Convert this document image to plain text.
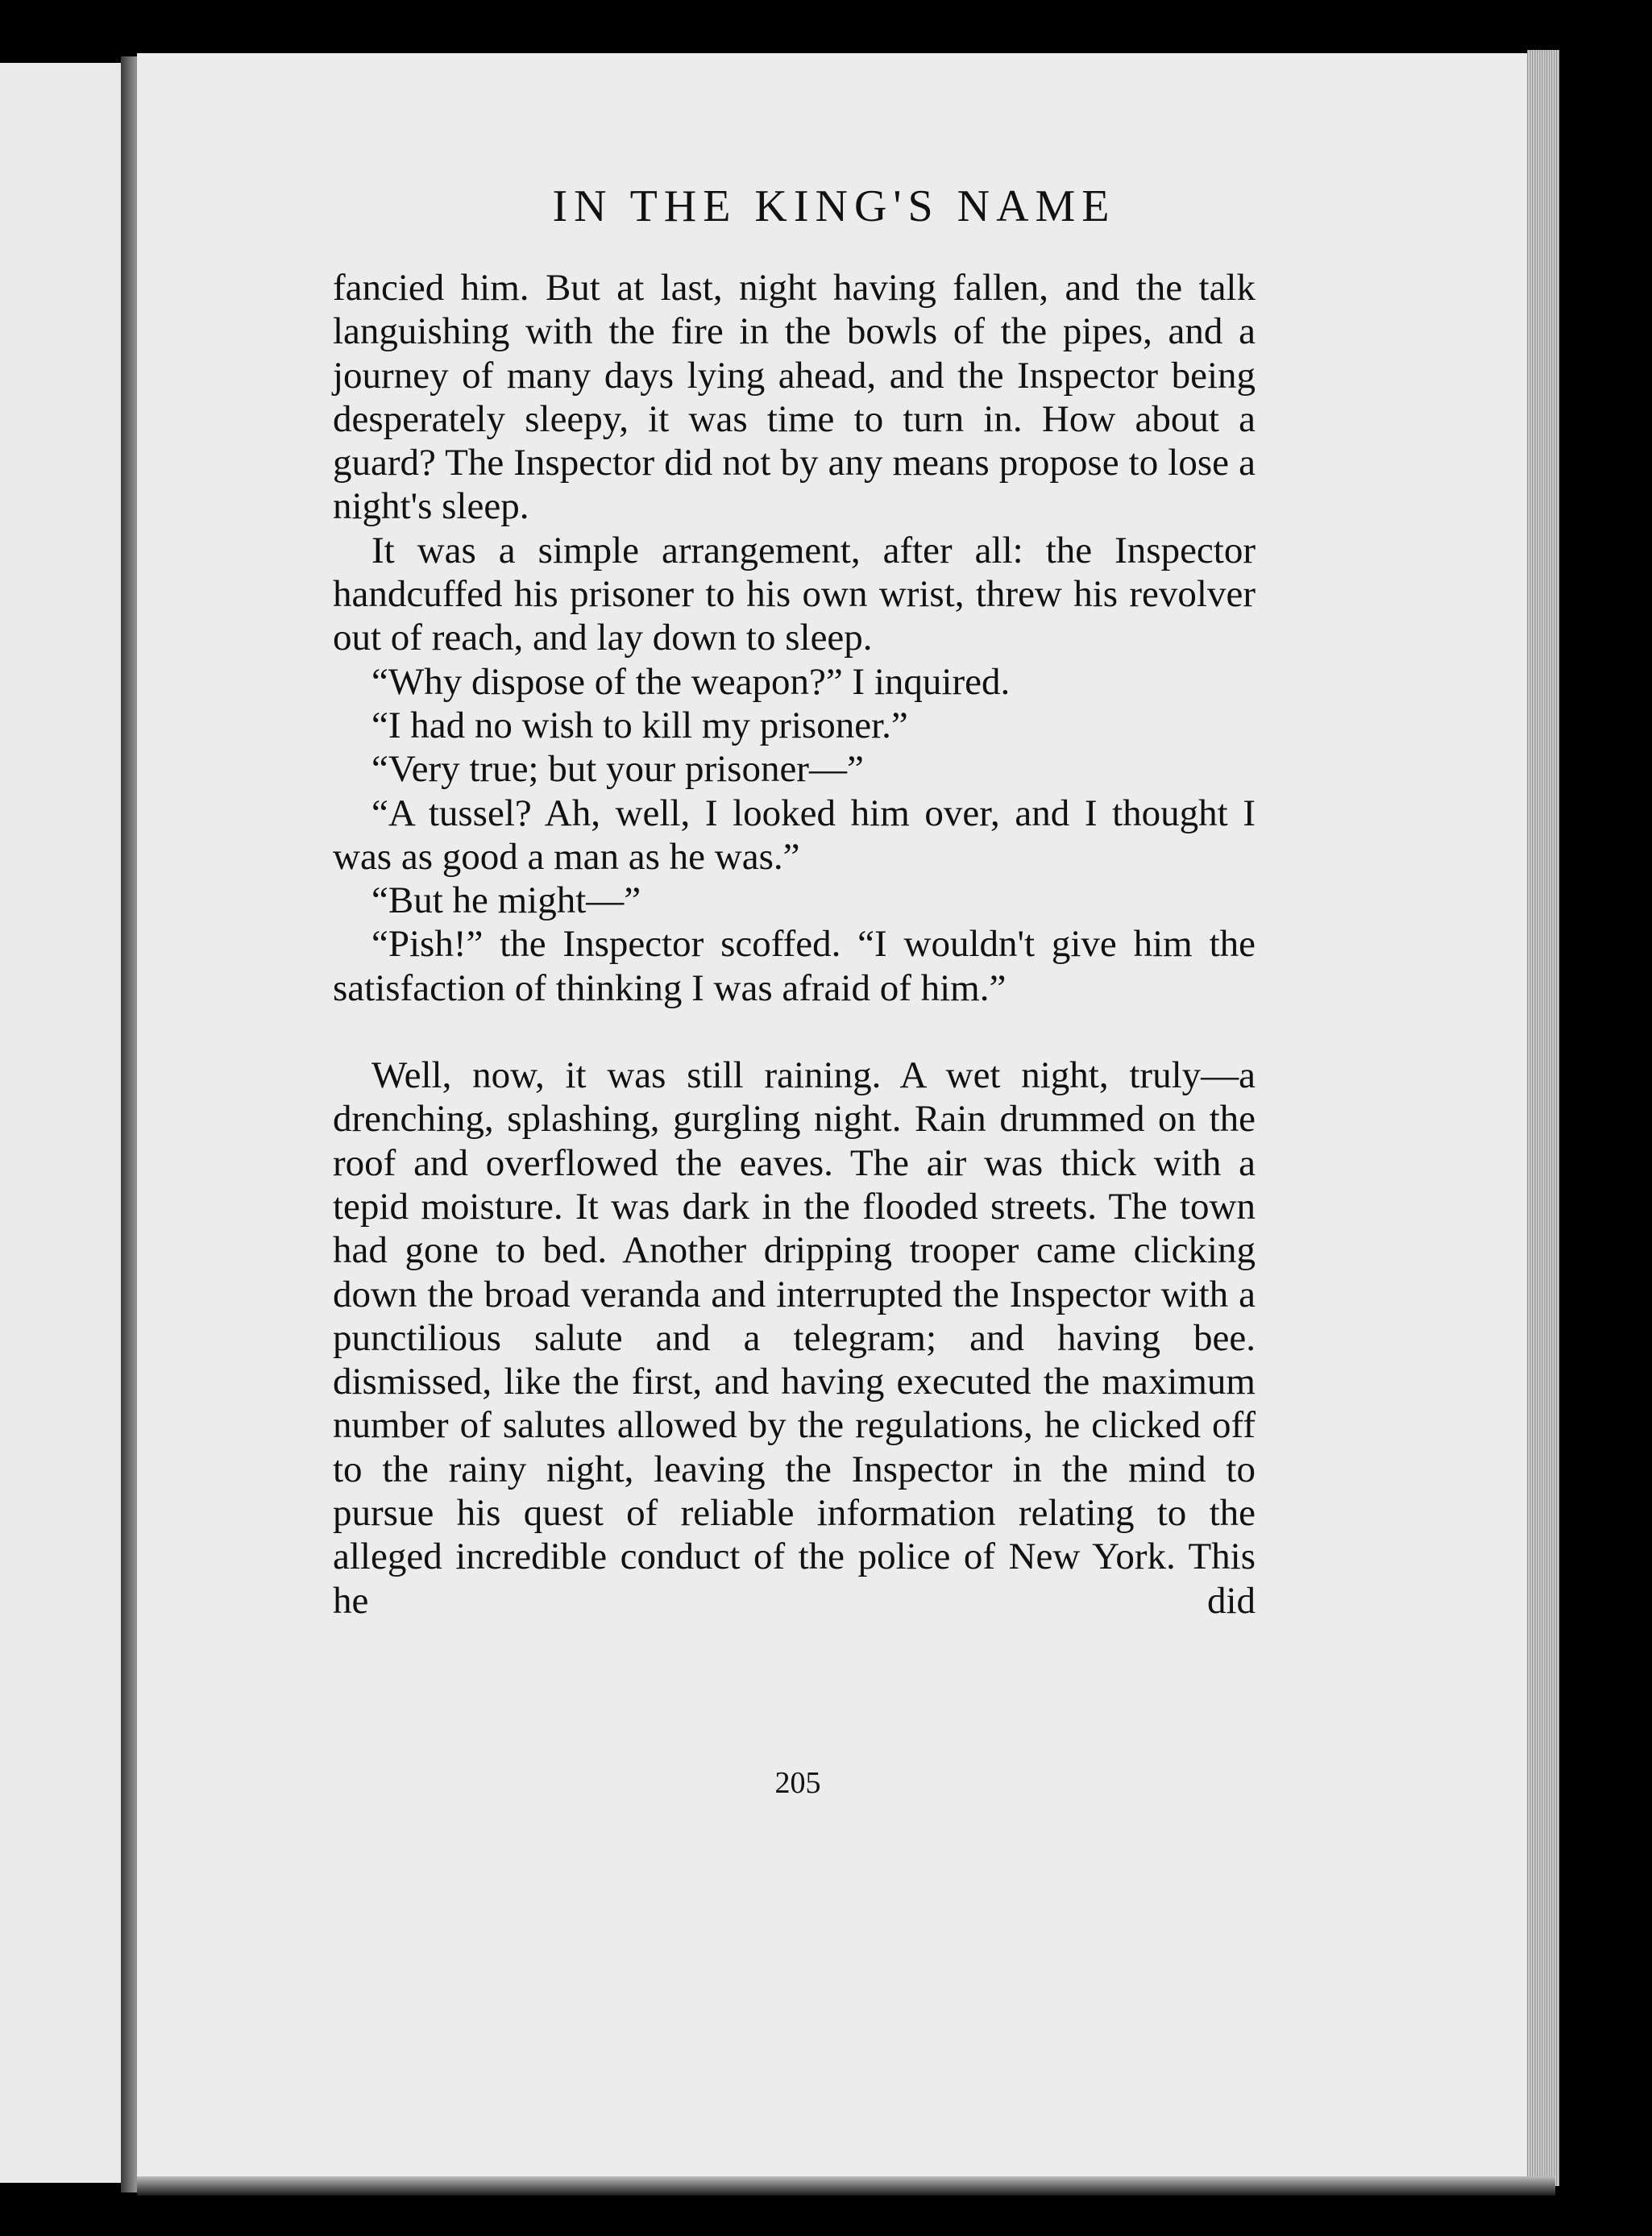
IN THE KING'S NAME

fancied him. But at last, night having fallen, and the talk languishing with the fire in the bowls of the pipes, and a journey of many days lying ahead, and the Inspector being desperately sleepy, it was time to turn in. How about a guard? The Inspector did not by any means propose to lose a night's sleep.

It was a simple arrangement, after all: the Inspector handcuffed his prisoner to his own wrist, threw his revolver out of reach, and lay down to sleep.

“Why dispose of the weapon?” I inquired.

“I had no wish to kill my prisoner.”

“Very true; but your prisoner—”

“A tussel? Ah, well, I looked him over, and I thought I was as good a man as he was.”

“But he might—”

“Pish!” the Inspector scoffed. “I wouldn't give him the satisfaction of thinking I was afraid of him.”

Well, now, it was still raining. A wet night, truly—a drenching, splashing, gurgling night. Rain drummed on the roof and overflowed the eaves. The air was thick with a tepid moisture. It was dark in the flooded streets. The town had gone to bed. Another dripping trooper came clicking down the broad veranda and interrupted the Inspector with a punctilious salute and a telegram; and having bee. dismissed, like the first, and having executed the maximum number of salutes allowed by the regulations, he clicked off to the rainy night, leaving the Inspector in the mind to pursue his quest of reliable information relating to the alleged incredible conduct of the police of New York. This he did

205
